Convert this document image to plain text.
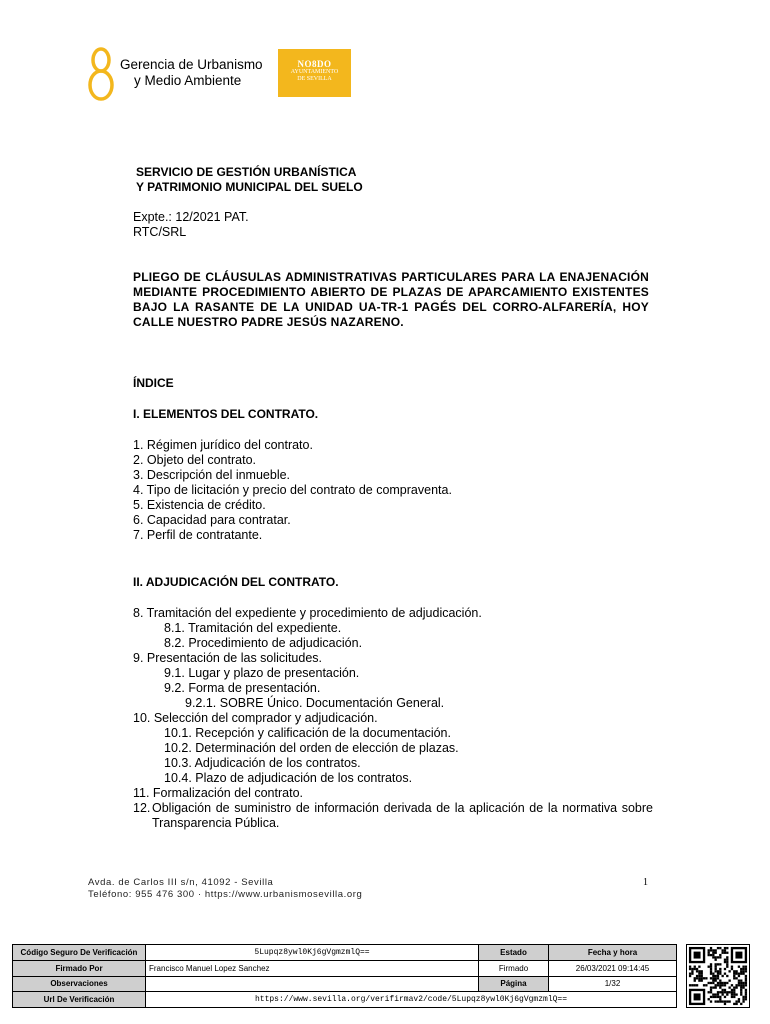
Gerencia de Urbanismo
y Medio Ambiente
NO8DO
AYUNTAMIENTO
DE SEVILLA
SERVICIO DE GESTIÓN URBANÍSTICA
Y PATRIMONIO MUNICIPAL DEL SUELO
Expte.: 12/2021 PAT.
RTC/SRL
PLIEGO DE CLÁUSULAS ADMINISTRATIVAS PARTICULARES PARA LA ENAJENACIÓN MEDIANTE PROCEDIMIENTO ABIERTO DE PLAZAS DE APARCAMIENTO EXISTENTES BAJO LA RASANTE DE LA UNIDAD UA-TR-1 PAGÉS DEL CORRO-ALFARERÍA, HOY CALLE NUESTRO PADRE JESÚS NAZARENO.
ÍNDICE
I. ELEMENTOS DEL CONTRATO.
1. Régimen jurídico del contrato.
2. Objeto del contrato.
3. Descripción del inmueble.
4. Tipo de licitación y precio del contrato de compraventa.
5. Existencia de crédito.
6. Capacidad para contratar.
7. Perfil de contratante.
II. ADJUDICACIÓN DEL CONTRATO.
8. Tramitación del expediente y procedimiento de adjudicación.
8.1. Tramitación del expediente.
8.2. Procedimiento de adjudicación.
9. Presentación de las solicitudes.
9.1. Lugar y plazo de presentación.
9.2. Forma de presentación.
9.2.1. SOBRE Único. Documentación General.
10. Selección del comprador y adjudicación.
10.1. Recepción y calificación de la documentación.
10.2. Determinación del orden de elección de plazas.
10.3. Adjudicación de los contratos.
10.4. Plazo de adjudicación de los contratos.
11. Formalización del contrato.
12. Obligación de suministro de información derivada de la aplicación de la normativa sobre Transparencia Pública.
Avda. de Carlos III s/n, 41092 - Sevilla
Teléfono: 955 476 300 · https://www.urbanismosevilla.org
1
Código Seguro De Verificación	5Lupqz8ywl0Kj6gVgmzmlQ==	Estado	Fecha y hora
Firmado Por	Francisco Manuel Lopez Sanchez	Firmado	26/03/2021 09:14:45
Observaciones		Página	1/32
Url De Verificación	https://www.sevilla.org/verifirmav2/code/5Lupqz8ywl0Kj6gVgmzmlQ==		
